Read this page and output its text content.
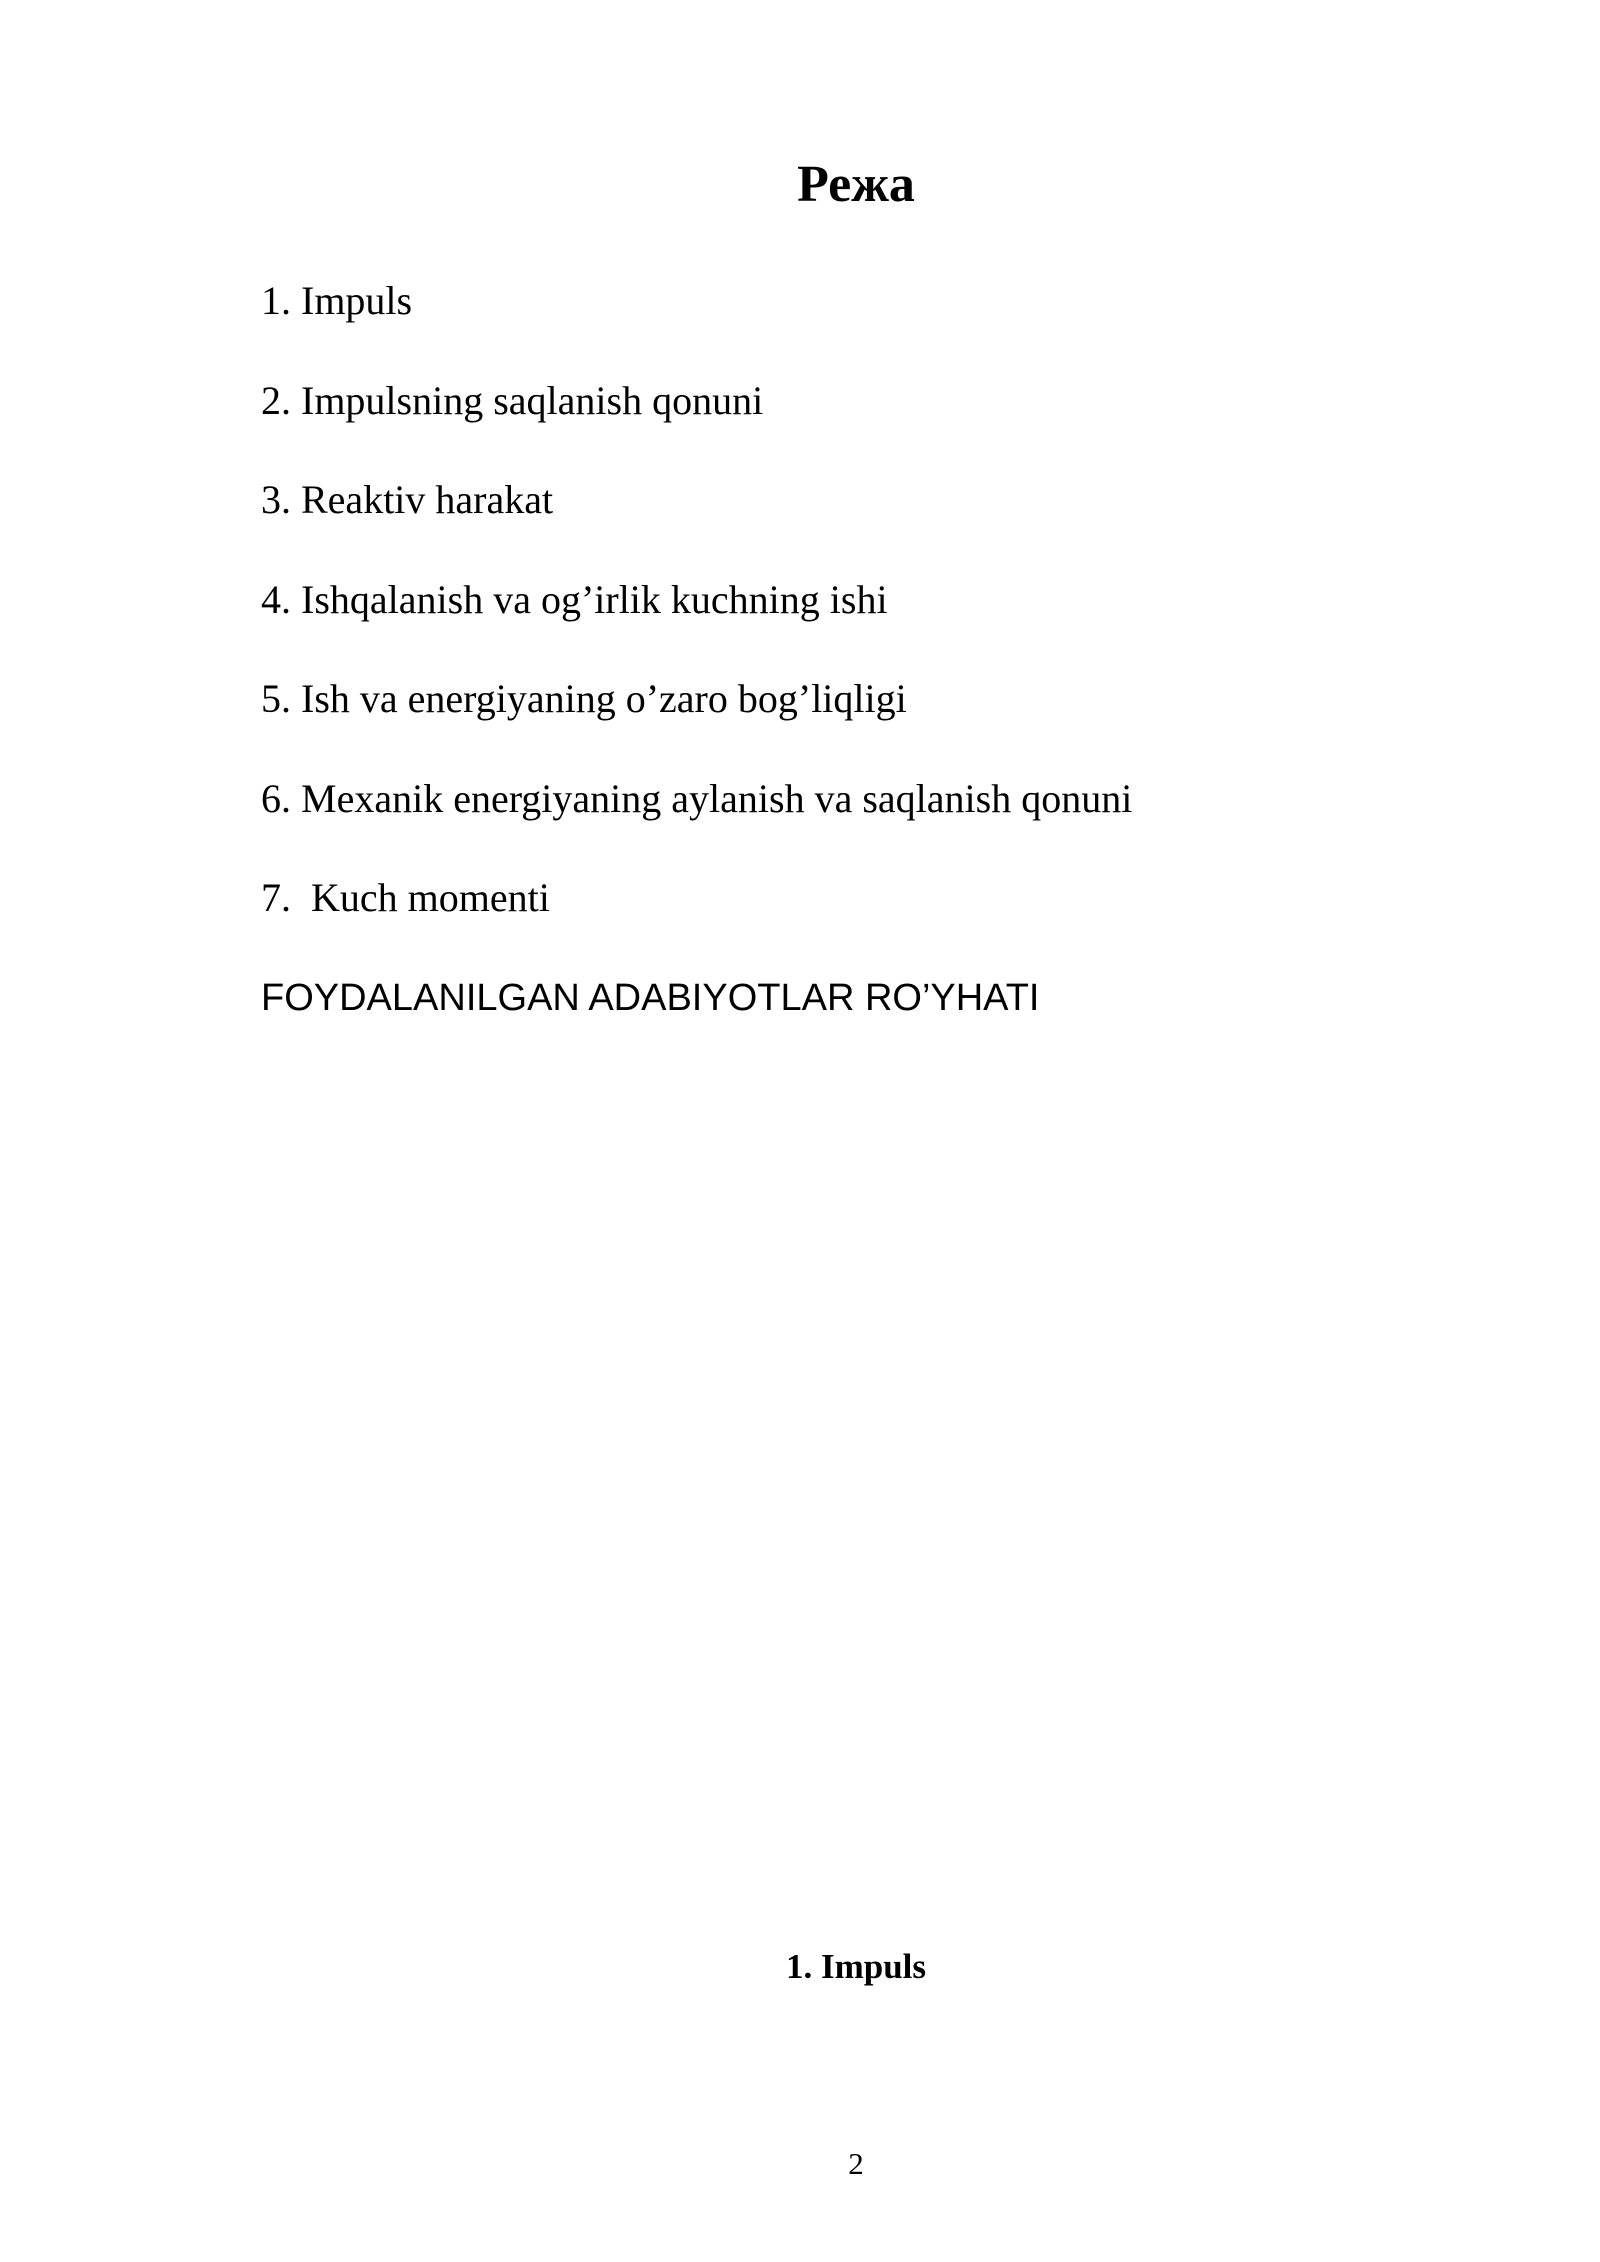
Режа
1. Impuls
2. Impulsning saqlanish qonuni
3. Reaktiv harakat
4. Ishqalanish va og’irlik kuchning ishi
5. Ish va energiyaning o’zaro bog’liqligi
6. Mexanik energiyaning aylanish va saqlanish qonuni
7.  Kuch momenti
FOYDALANILGAN ADABIYOTLAR RO’YHATI
1. Impuls
2
